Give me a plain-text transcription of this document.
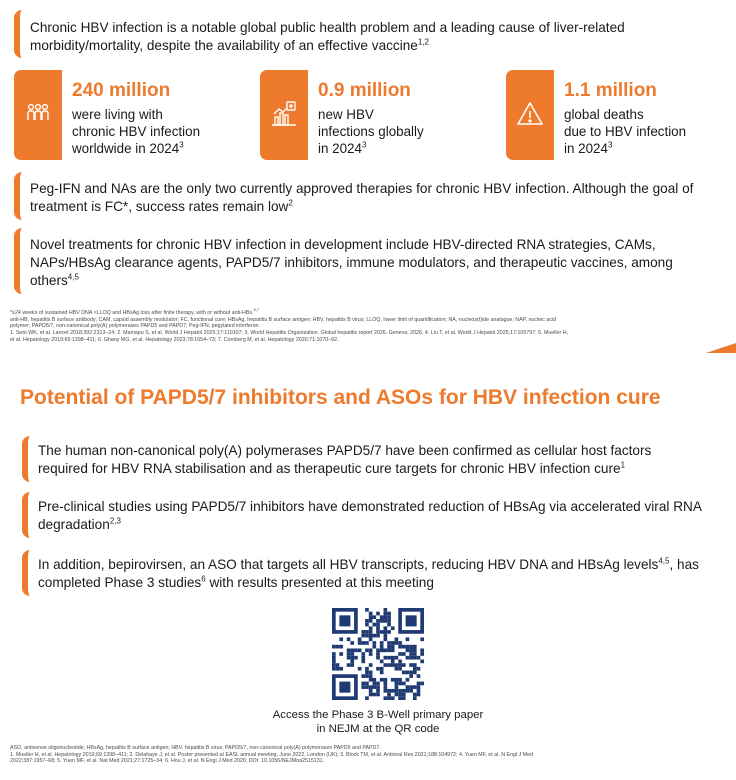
Chronic HBV infection is a notable global public health problem and a leading cause of liver-related morbidity/mortality, despite the availability of an effective vaccine$^{1,2}$

240 million
were living with
chronic HBV infection
worldwide in 2024$^3$
0.9 million
new HBV
infections globally
in 2024$^3$
1.1 million
global deaths
due to HBV infection
in 2024$^3$

Peg-IFN and NAs are the only two currently approved therapies for chronic HBV infection. Although the goal of treatment is FC*, success rates remain low$^2$

Novel treatments for chronic HBV infection in development include HBV-directed RNA strategies, CAMs, NAPs/HBsAg clearance agents, PAPD5/7 inhibitors, immune modulators, and therapeutic vaccines, among others$^{4,5}$

*≥24 weeks of sustained HBV DNA <LLOQ and HBsAg loss after finite therapy, with or without anti-HBs.$^{6,7}$
anti-HB, hepatitis B surface antibody; CAM, capsid assembly modulator; FC, functional cure; HBsAg, hepatitis B surface antigen; HBV, hepatitis B virus; LLOQ, lower limit of quantification; NA, nucleos(t)ide analogue; NAP, nucleic acid
polymer; PAPD5/7, non-canonical poly(A) polymerases PAPD5 and PAPD7; Peg-IFN, pegylated interferon.
1. Seto WK, et al. Lancet 2018;392:2313–24; 2. Mamapu S, et al. World J Hepatol 2025;17:110107; 3. World Hepatitis Organization. Global hepatitis report 2026. Geneva; 2026; 4. Liu T, et al. World J Hepatol 2025;17:105797; 5. Mueller H,
et al. Hepatology 2019;69:1398–411; 6. Ghany MG, et al. Hepatology 2023;78:1654–73; 7. Cornberg M, et al. Hepatology 2020;71:1070–92.
Potential of PAPD5/7 inhibitors and ASOs for HBV infection cure

The human non-canonical poly(A) polymerases PAPD5/7 have been confirmed as cellular host factors required for HBV RNA stabilisation and as therapeutic cure targets for chronic HBV infection cure$^1$

Pre-clinical studies using PAPD5/7 inhibitors have demonstrated reduction of HBsAg via accelerated viral RNA degradation$^{2,3}$

In addition, bepirovirsen, an ASO that targets all HBV transcripts, reducing HBV DNA and HBsAg levels$^{4,5}$, has completed Phase 3 studies$^6$ with results presented at this meeting

Access the Phase 3 B-Well primary paper
in NEJM at the QR code
ASO, antisense oligonucleotide; HBsAg, hepatitis B surface antigen; HBV, hepatitis B virus; PAPD5/7, non-canonical poly(A) polymerases PAPD5 and PAPD7.
1. Mueller H, et al. Hepatology 2019;69:1398–411; 2. Delahaye J, et al. Poster presented at EASL annual meeting, June 2022, London (UK); 3. Block TM, et al. Antiviral Res 2021;188:104972; 4. Yuen MF, et al. N Engl J Med
2022;387:1957–68; 5. Yuen MF, et al. Nat Med 2021;27:1725–34; 6. Hou J, et al. N Engl J Med 2026; DOI: 10.1056/NEJMoa2515131.
